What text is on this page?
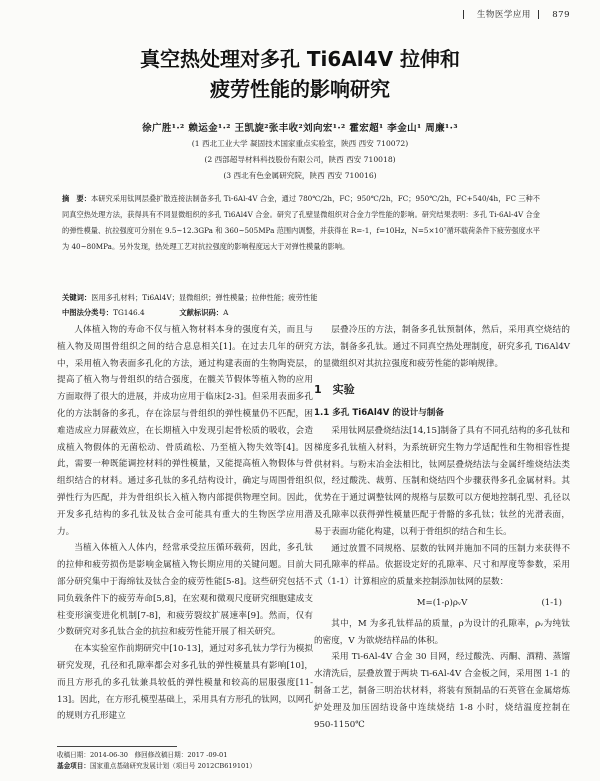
生物医学应用	879
真空热处理对多孔 Ti6Al4V 拉伸和
疲劳性能的影响研究
徐广胜¹·² 赖运金¹·² 王凯旋²张丰收²刘向宏¹·² 霍宏超¹ 李金山¹ 周廉¹·³
(1 西北工业大学 凝固技术国家重点实验室，陕西 西安 710072)
(2 西部超导材料科技股份有限公司，陕西 西安 710018)
(3 西北有色金属研究院，陕西 西安 710016)
摘　要：本研究采用钛网层叠扩散连接法制备多孔 Ti-6Al-4V 合金，通过 780℃/2h，FC；950℃/2h，FC；950℃/2h，FC+540/4h，FC 三种不同真空热处理方法，获得具有不同显微组织的多孔 Ti6Al4V 合金。研究了孔壁显微组织对合金力学性能的影响。研究结果表明：多孔 Ti-6Al-4V 合金的弹性模量、抗拉强度可分别在 9.5~12.3GPa 和 360~505MPa 范围内调整，并获得在 R=-1，f=10Hz，N=5×10⁷循环载荷条件下疲劳强度水平为 40~80MPa。另外发现，热处理工艺对抗拉强度的影响程度远大于对弹性模量的影响。
关键词：医用多孔材料；Ti6Al4V；显微组织；弹性模量；拉伸性能；疲劳性能
中图法分类号：TG146.4	文献标识码：A

人体植入物的寿命不仅与植入物材料本身的强度有关，而且与植入物及周围骨组织之间的结合息息相关[1]。在过去几年的研究中，采用植入物表面多孔化的方法，通过构建表面的生物陶瓷层，提高了植入物与骨组织的结合强度，在髋关节假体等植入物的应用方面取得了很大的进展，并成功应用于临床[2-3]。但采用表面多孔化的方法制备的多孔，存在涂层与骨组织的弹性模量仍不匹配，困难造成应力屏蔽效应，在长期植入中发现引起骨松质的吸收，会造成植入物假体的无菌松动、骨质疏松、乃至植入物失效等[4]。因此，需要一种既能调控材料的弹性模量，又能提高植入物假体与骨组织结合的材料。通过多孔钛的多孔结构设计，确定与周围骨组织弹性行为匹配，并为骨组织长入植入物内部提供物理空间。因此，开发多孔结构的多孔钛及钛合金可能具有重大的生物医学应用潜力。

当植入体植入人体内，经常承受拉压循环载荷，因此，多孔钛的拉伸和疲劳损伤是影响金属植入物长期应用的关键问题。目前大部分研究集中于海绵钛及钛合金的疲劳性能[5-8]。这些研究包括不同负载条件下的疲劳寿命[5,8]，在宏观和微观尺度研究细胞建成支柱变形演变进化机制[7-8]，和疲劳裂纹扩展速率[9]。然而，仅有少数研究对多孔钛合金的抗拉和疲劳性能开展了相关研究。

在本实验室作前期研究中[10-13]，通过对多孔钛力学行为模拟研究发现，孔径和孔隙率都会对多孔钛的弹性模量具有影响[10]，而且方形孔的多孔钛兼具较低的弹性模量和较高的屈服强度[11-13]。因此，在方形孔模型基础上，采用具有方形孔的钛网，以网孔的规则方孔形建立

层叠冷压的方法，制备多孔钛预制体，然后，采用真空烧结的方法，制备多孔钛。通过不同真空热处理制度，研究多孔 Ti6Al4V 的显微组织对其抗拉强度和疲劳性能的影响规律。

1　实验

1.1 多孔 Ti6Al4V 的设计与制备

采用钛网层叠烧结法[14,15]制备了具有不同孔结构的多孔钛和梯度多孔钛植入材料，为系统研究生物力学适配性和生物相容性提供材料。与粉末冶金法相比，钛网层叠烧结法与金属纤维烧结法类似，经过酸洗、裁剪、压制和烧结四个步骤获得多孔金属材料。其优势在于通过调整钛网的规格与层数可以方便地控制孔型、孔径以及孔隙率以获得弹性模量匹配于骨骼的多孔钛；钛丝的光滑表面，易于表面功能化构建，以利于骨组织的结合和生长。

通过放置不同规格、层数的钛网并施加不同的压制力来获得不同孔隙率的样品。依据设定好的孔隙率、尺寸和厚度等参数，采用式（1-1）计算相应的质量来控制添加钛网的层数：

M=(1-ρ)ρᵥV	(1-1)

其中，M 为多孔钛样品的质量，ρ为设计的孔隙率，ρᵥ为纯钛的密度，V 为欲烧结样品的体积。

采用 Ti-6Al-4V 合金 30 目网，经过酸洗、丙酮、酒精、蒸馏水清洗后，层叠放置于两块 Ti-6Al-4V 合金板之间，采用图 1-1 的制备工艺，制备三明治状材料，将装有预制品的石英管在金属熔炼炉处理及加压固结设备中连续烧结 1-8 小时，烧结温度控制在 950-1150℃

收稿日期：2014-06-30　修回修改稿日期：2017 -09-01
基金项目：国家重点基础研究发展计划（项目号 2012CB619101）
